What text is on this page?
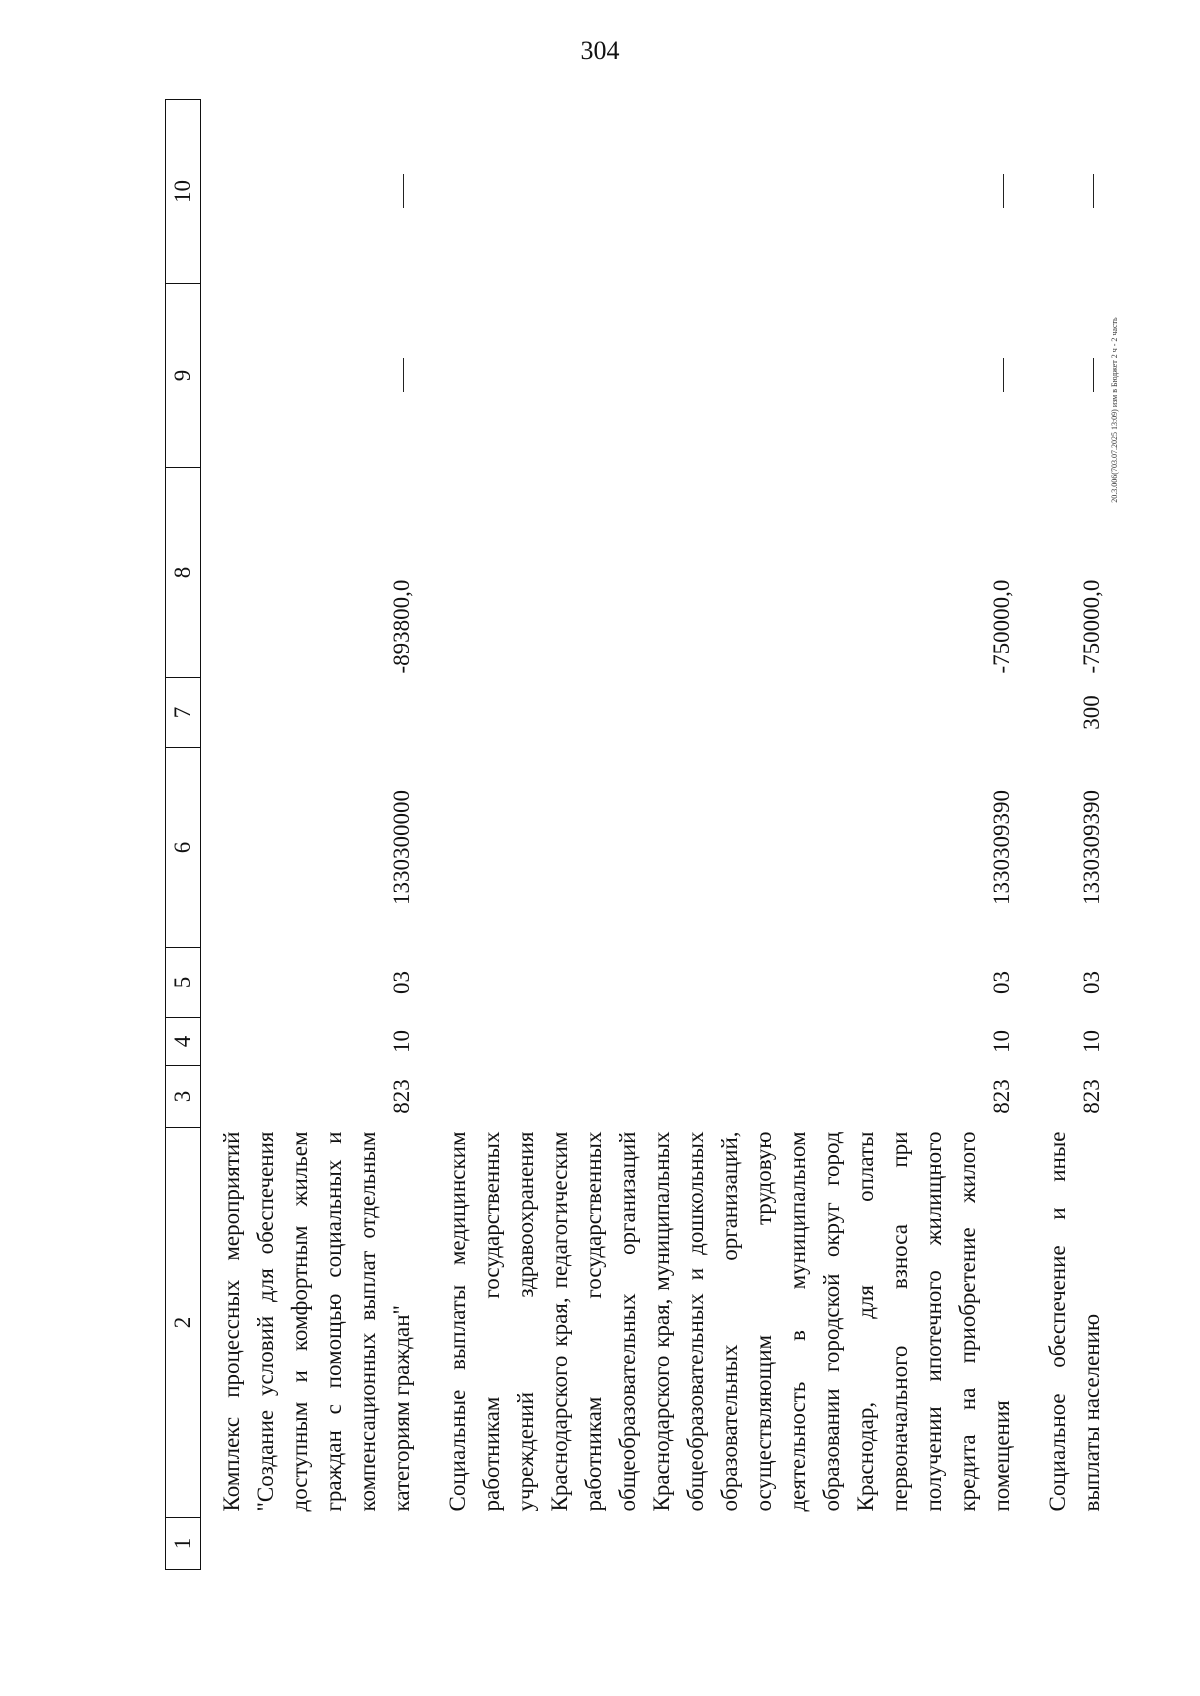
304
20.3.006(703.07.2025 13:09) изм в Бюджет 2 ч - 2 часть
1	2	3	4	5	6	7	8	9	10
	Комплекс процессных мероприятий "Создание условий для обеспечения доступным и комфортным жильем граждан с помощью социальных и компенсационных выплат отдельным категориям граждан"	823	10	03	1330300000		-893800,0		
	Социальные выплаты медицинским работникам государственных учреждений здравоохранения Краснодарского края, педагогическим работникам государственных общеобразовательных организаций Краснодарского края, муниципальных общеобразовательных и дошкольных образовательных организаций, осуществляющим трудовую деятельность в муниципальном образовании городской округ город Краснодар, для оплаты первоначального взноса при получении ипотечного жилищного кредита на приобретение жилого помещения	823	10	03	1330309390		-750000,0		
	Социальное обеспечение и иные выплаты населению	823	10	03	1330309390	300	-750000,0		
